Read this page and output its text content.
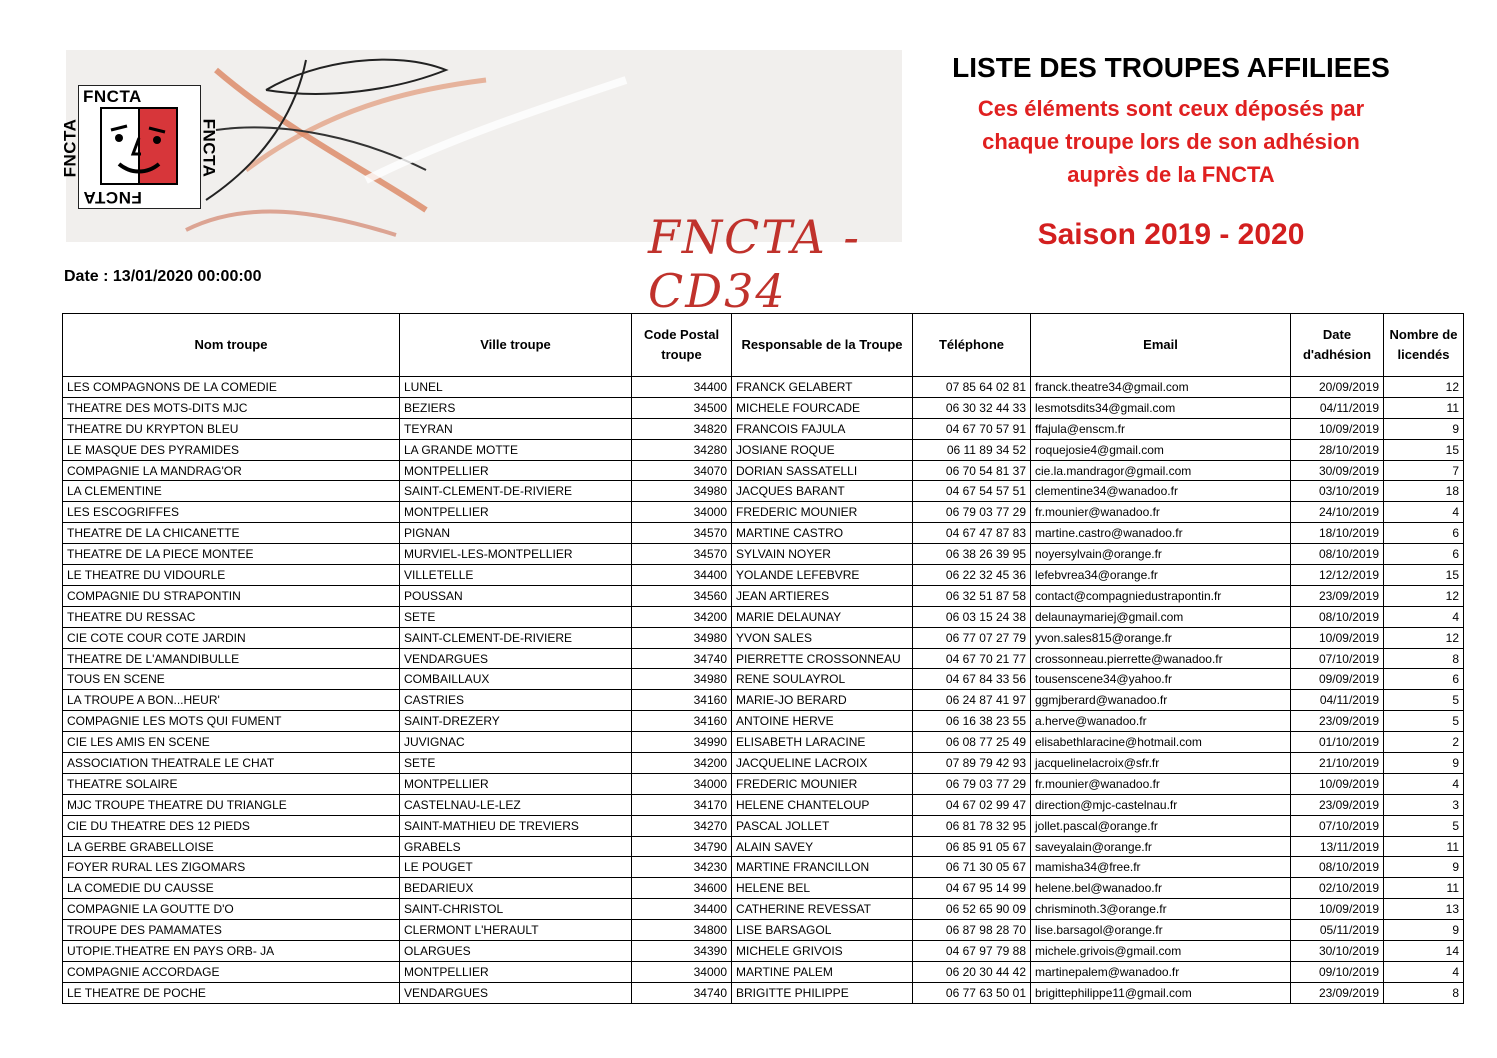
FNCTA - CD34
FNCTA
FNCTA
FNCTA	FNCTA
LISTE DES TROUPES AFFILIEES
Ces éléments sont ceux déposés par
chaque troupe lors de son adhésion
auprès de la FNCTA
Saison 2019 - 2020
Date : 13/01/2020 00:00:00
Nom troupe	Ville troupe	Code Postal troupe	Responsable de la Troupe	Téléphone	Email	Date d'adhésion	Nombre de licendés
LES COMPAGNONS DE LA COMEDIE	LUNEL	34400	FRANCK GELABERT	07 85 64 02 81	franck.theatre34@gmail.com	20/09/2019	12
THEATRE DES MOTS-DITS MJC	BEZIERS	34500	MICHELE FOURCADE	06 30 32 44 33	lesmotsdits34@gmail.com	04/11/2019	11
THEATRE DU KRYPTON BLEU	TEYRAN	34820	FRANCOIS FAJULA	04 67 70 57 91	ffajula@enscm.fr	10/09/2019	9
LE MASQUE DES PYRAMIDES	LA GRANDE MOTTE	34280	JOSIANE ROQUE	06 11 89 34 52	roquejosie4@gmail.com	28/10/2019	15
COMPAGNIE LA MANDRAG'OR	MONTPELLIER	34070	DORIAN SASSATELLI	06 70 54 81 37	cie.la.mandragor@gmail.com	30/09/2019	7
LA CLEMENTINE	SAINT-CLEMENT-DE-RIVIERE	34980	JACQUES BARANT	04 67 54 57 51	clementine34@wanadoo.fr	03/10/2019	18
LES ESCOGRIFFES	MONTPELLIER	34000	FREDERIC MOUNIER	06 79 03 77 29	fr.mounier@wanadoo.fr	24/10/2019	4
THEATRE DE LA CHICANETTE	PIGNAN	34570	MARTINE CASTRO	04 67 47 87 83	martine.castro@wanadoo.fr	18/10/2019	6
THEATRE DE LA PIECE MONTEE	MURVIEL-LES-MONTPELLIER	34570	SYLVAIN NOYER	06 38 26 39 95	noyersylvain@orange.fr	08/10/2019	6
LE THEATRE DU VIDOURLE	VILLETELLE	34400	YOLANDE LEFEBVRE	06 22 32 45 36	lefebvrea34@orange.fr	12/12/2019	15
COMPAGNIE DU STRAPONTIN	POUSSAN	34560	JEAN ARTIERES	06 32 51 87 58	contact@compagniedustrapontin.fr	23/09/2019	12
THEATRE DU RESSAC	SETE	34200	MARIE DELAUNAY	06 03 15 24 38	delaunaymariej@gmail.com	08/10/2019	4
CIE COTE COUR COTE JARDIN	SAINT-CLEMENT-DE-RIVIERE	34980	YVON SALES	06 77 07 27 79	yvon.sales815@orange.fr	10/09/2019	12
THEATRE DE L'AMANDIBULLE	VENDARGUES	34740	PIERRETTE CROSSONNEAU	04 67 70 21 77	crossonneau.pierrette@wanadoo.fr	07/10/2019	8
TOUS EN SCENE	COMBAILLAUX	34980	RENE SOULAYROL	04 67 84 33 56	tousenscene34@yahoo.fr	09/09/2019	6
LA TROUPE A BON...HEUR'	CASTRIES	34160	MARIE-JO BERARD	06 24 87 41 97	ggmjberard@wanadoo.fr	04/11/2019	5
COMPAGNIE LES MOTS QUI FUMENT	SAINT-DREZERY	34160	ANTOINE HERVE	06 16 38 23 55	a.herve@wanadoo.fr	23/09/2019	5
CIE LES AMIS EN SCENE	JUVIGNAC	34990	ELISABETH LARACINE	06 08 77 25 49	elisabethlaracine@hotmail.com	01/10/2019	2
ASSOCIATION THEATRALE LE CHAT	SETE	34200	JACQUELINE LACROIX	07 89 79 42 93	jacquelinelacroix@sfr.fr	21/10/2019	9
THEATRE SOLAIRE	MONTPELLIER	34000	FREDERIC MOUNIER	06 79 03 77 29	fr.mounier@wanadoo.fr	10/09/2019	4
MJC TROUPE THEATRE DU TRIANGLE	CASTELNAU-LE-LEZ	34170	HELENE CHANTELOUP	04 67 02 99 47	direction@mjc-castelnau.fr	23/09/2019	3
CIE DU THEATRE DES 12 PIEDS	SAINT-MATHIEU DE TREVIERS	34270	PASCAL JOLLET	06 81 78 32 95	jollet.pascal@orange.fr	07/10/2019	5
LA GERBE GRABELLOISE	GRABELS	34790	ALAIN SAVEY	06 85 91 05 67	saveyalain@orange.fr	13/11/2019	11
FOYER RURAL LES ZIGOMARS	LE POUGET	34230	MARTINE FRANCILLON	06 71 30 05 67	mamisha34@free.fr	08/10/2019	9
LA COMEDIE DU CAUSSE	BEDARIEUX	34600	HELENE BEL	04 67 95 14 99	helene.bel@wanadoo.fr	02/10/2019	11
COMPAGNIE LA GOUTTE D'O	SAINT-CHRISTOL	34400	CATHERINE REVESSAT	06 52 65 90 09	chrisminoth.3@orange.fr	10/09/2019	13
TROUPE DES PAMAMATES	CLERMONT L'HERAULT	34800	LISE BARSAGOL	06 87 98 28 70	lise.barsagol@orange.fr	05/11/2019	9
UTOPIE.THEATRE EN PAYS ORB- JA	OLARGUES	34390	MICHELE GRIVOIS	04 67 97 79 88	michele.grivois@gmail.com	30/10/2019	14
COMPAGNIE ACCORDAGE	MONTPELLIER	34000	MARTINE PALEM	06 20 30 44 42	martinepalem@wanadoo.fr	09/10/2019	4
LE THEATRE DE POCHE	VENDARGUES	34740	BRIGITTE PHILIPPE	06 77 63 50 01	brigittephilippe11@gmail.com	23/09/2019	8
